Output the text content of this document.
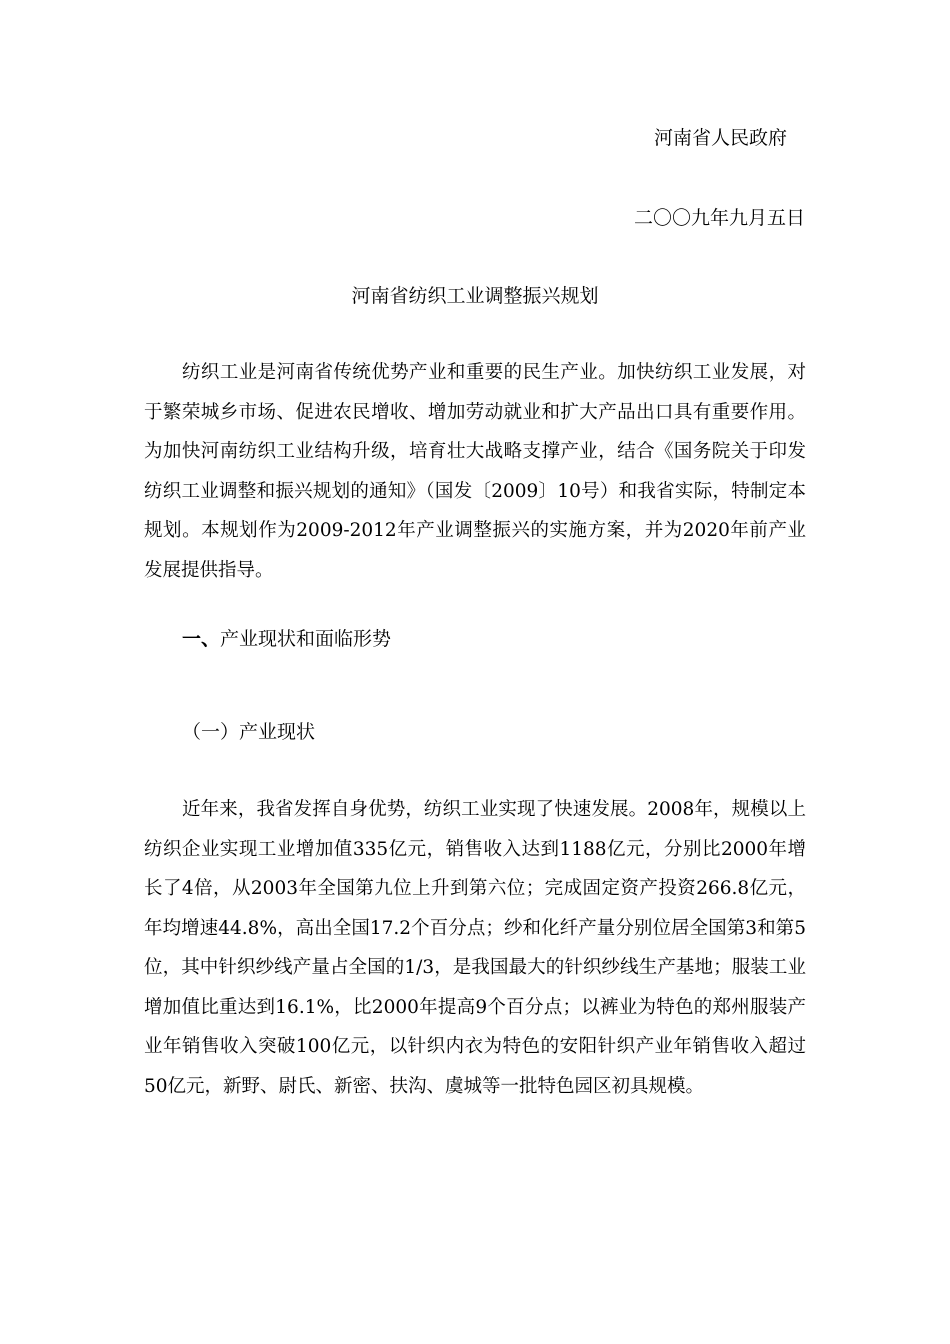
河南省人民政府
二〇〇九年九月五日
河南省纺织工业调整振兴规划

纺织工业是河南省传统优势产业和重要的民生产业。加快纺织工业发展，对于繁荣城乡市场、促进农民增收、增加劳动就业和扩大产品出口具有重要作用。为加快河南纺织工业结构升级，培育壮大战略支撑产业，结合《国务院关于印发纺织工业调整和振兴规划的通知》（国发〔2009〕10号）和我省实际，特制定本规划。本规划作为2009-2012年产业调整振兴的实施方案，并为2020年前产业发展提供指导。

一、产业现状和面临形势
（一）产业现状

近年来，我省发挥自身优势，纺织工业实现了快速发展。2008年，规模以上纺织企业实现工业增加值335亿元，销售收入达到1188亿元，分别比2000年增长了4倍，从2003年全国第九位上升到第六位；完成固定资产投资266.8亿元，年均增速44.8%，高出全国17.2个百分点；纱和化纤产量分别位居全国第3和第5位，其中针织纱线产量占全国的1/3，是我国最大的针织纱线生产基地；服装工业增加值比重达到16.1%，比2000年提高9个百分点；以裤业为特色的郑州服装产业年销售收入突破100亿元，以针织内衣为特色的安阳针织产业年销售收入超过50亿元，新野、尉氏、新密、扶沟、虞城等一批特色园区初具规模。
